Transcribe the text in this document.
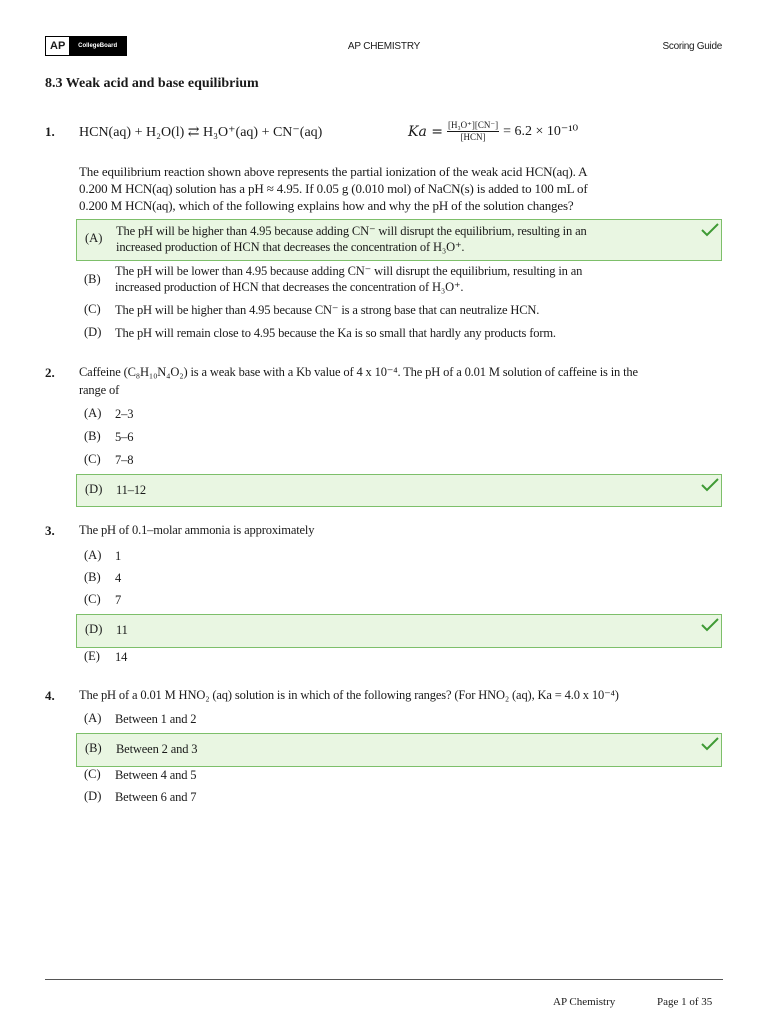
AP	CollegeBoard	AP CHEMISTRY	Scoring Guide
8.3 Weak acid and base equilibrium
1. HCN(aq) + H₂O(l) ⇄ H₃O⁺(aq) + CN⁻(aq)	Ka = [H₃O⁺][CN⁻]
[HCN] = 6.2 × 10⁻¹⁰
The equilibrium reaction shown above represents the partial ionization of the weak acid HCN(aq). A
0.200 M HCN(aq) solution has a pH ≈ 4.95. If 0.05 g (0.010 mol) of NaCN(s) is added to 100 mL of
0.200 M HCN(aq), which of the following explains how and why the pH of the solution changes?
(A) The pH will be higher than 4.95 because adding CN⁻ will disrupt the equilibrium, resulting in an
increased production of HCN that decreases the concentration of H₃O⁺.
(B)
The pH will be lower than 4.95 because adding CN⁻ will disrupt the equilibrium, resulting in an
increased production of HCN that decreases the concentration of H₃O⁺.
(C) The pH will be higher than 4.95 because CN⁻ is a strong base that can neutralize HCN.
(D) The pH will remain close to 4.95 because the Ka is so small that hardly any products form.
2. Caffeine (C₈H₁₀N₄O₂) is a weak base with a Kb value of 4 x 10⁻⁴. The pH of a 0.01 M solution of caffeine is in the
range of
(A) 2–3
(B) 5–6
(C) 7–8
(D) 11–12
3. The pH of 0.1–molar ammonia is approximately
(A) 1
(B) 4
(C) 7
(D) 11
(E) 14
4. The pH of a 0.01 M HNO₂ (aq) solution is in which of the following ranges? (For HNO₂ (aq), Ka = 4.0 x 10⁻⁴)
(A) Between 1 and 2
(B) Between 2 and 3
(C) Between 4 and 5
(D) Between 6 and 7
AP Chemistry	Page 1 of 35
